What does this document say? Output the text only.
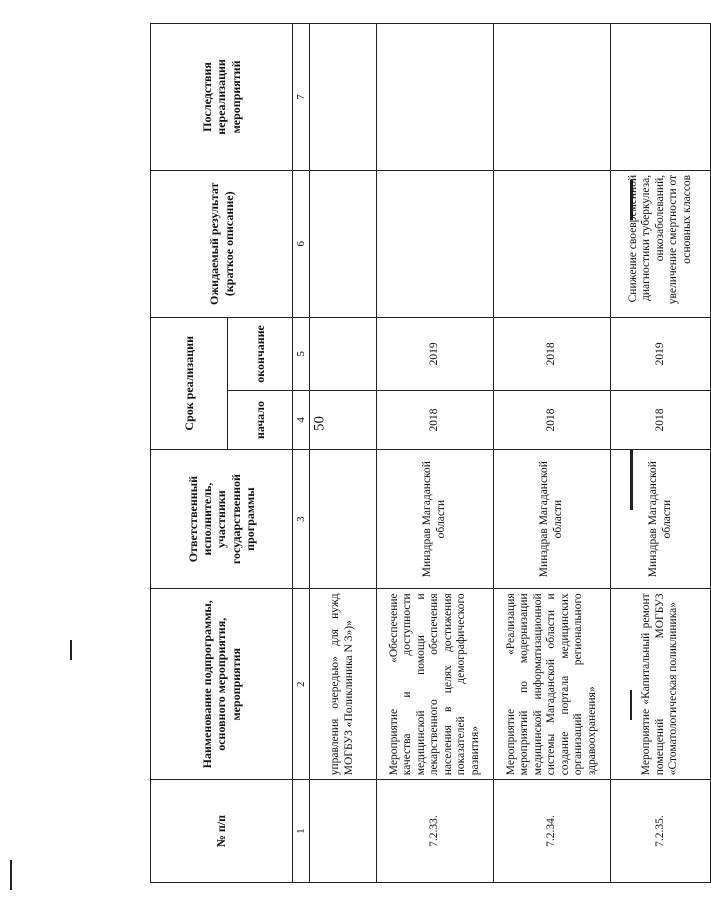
50
№ п/п	Наименование подпрограммы, основного мероприятия, мероприятия	Ответственный исполнитель, участники государственной программы	Срок реализации		Ожидаемый результат (краткое описание)	Последствия нереализации мероприятий
			начало	окончание		
1	2	3	4	5	6	7
	управления очередью» для нужд МОГБУЗ «Поликлиника N 3»)»					
7.2.33.	Мероприятие «Обеспечение качества и доступности медицинской помощи и лекарственного обеспечения населения в целях достижения показателей демографического развития»	Минздрав Магаданской области	2018	2019		
7.2.34.	Мероприятие «Реализация мероприятий по модернизации медицинской информатизационной системы Магаданской области и создание портала медицинских организаций регионального здравоохранения»	Минздрав Магаданской области	2018	2018		
7.2.35.	Мероприятие «Капитальный ремонт помещений МОГБУЗ «Стоматологическая поликлиника»	Минздрав Магаданской области	2018	2019	Снижение своевременной диагностики туберкулеза, онкозаболеваний, увеличение смертности от основных классов	
